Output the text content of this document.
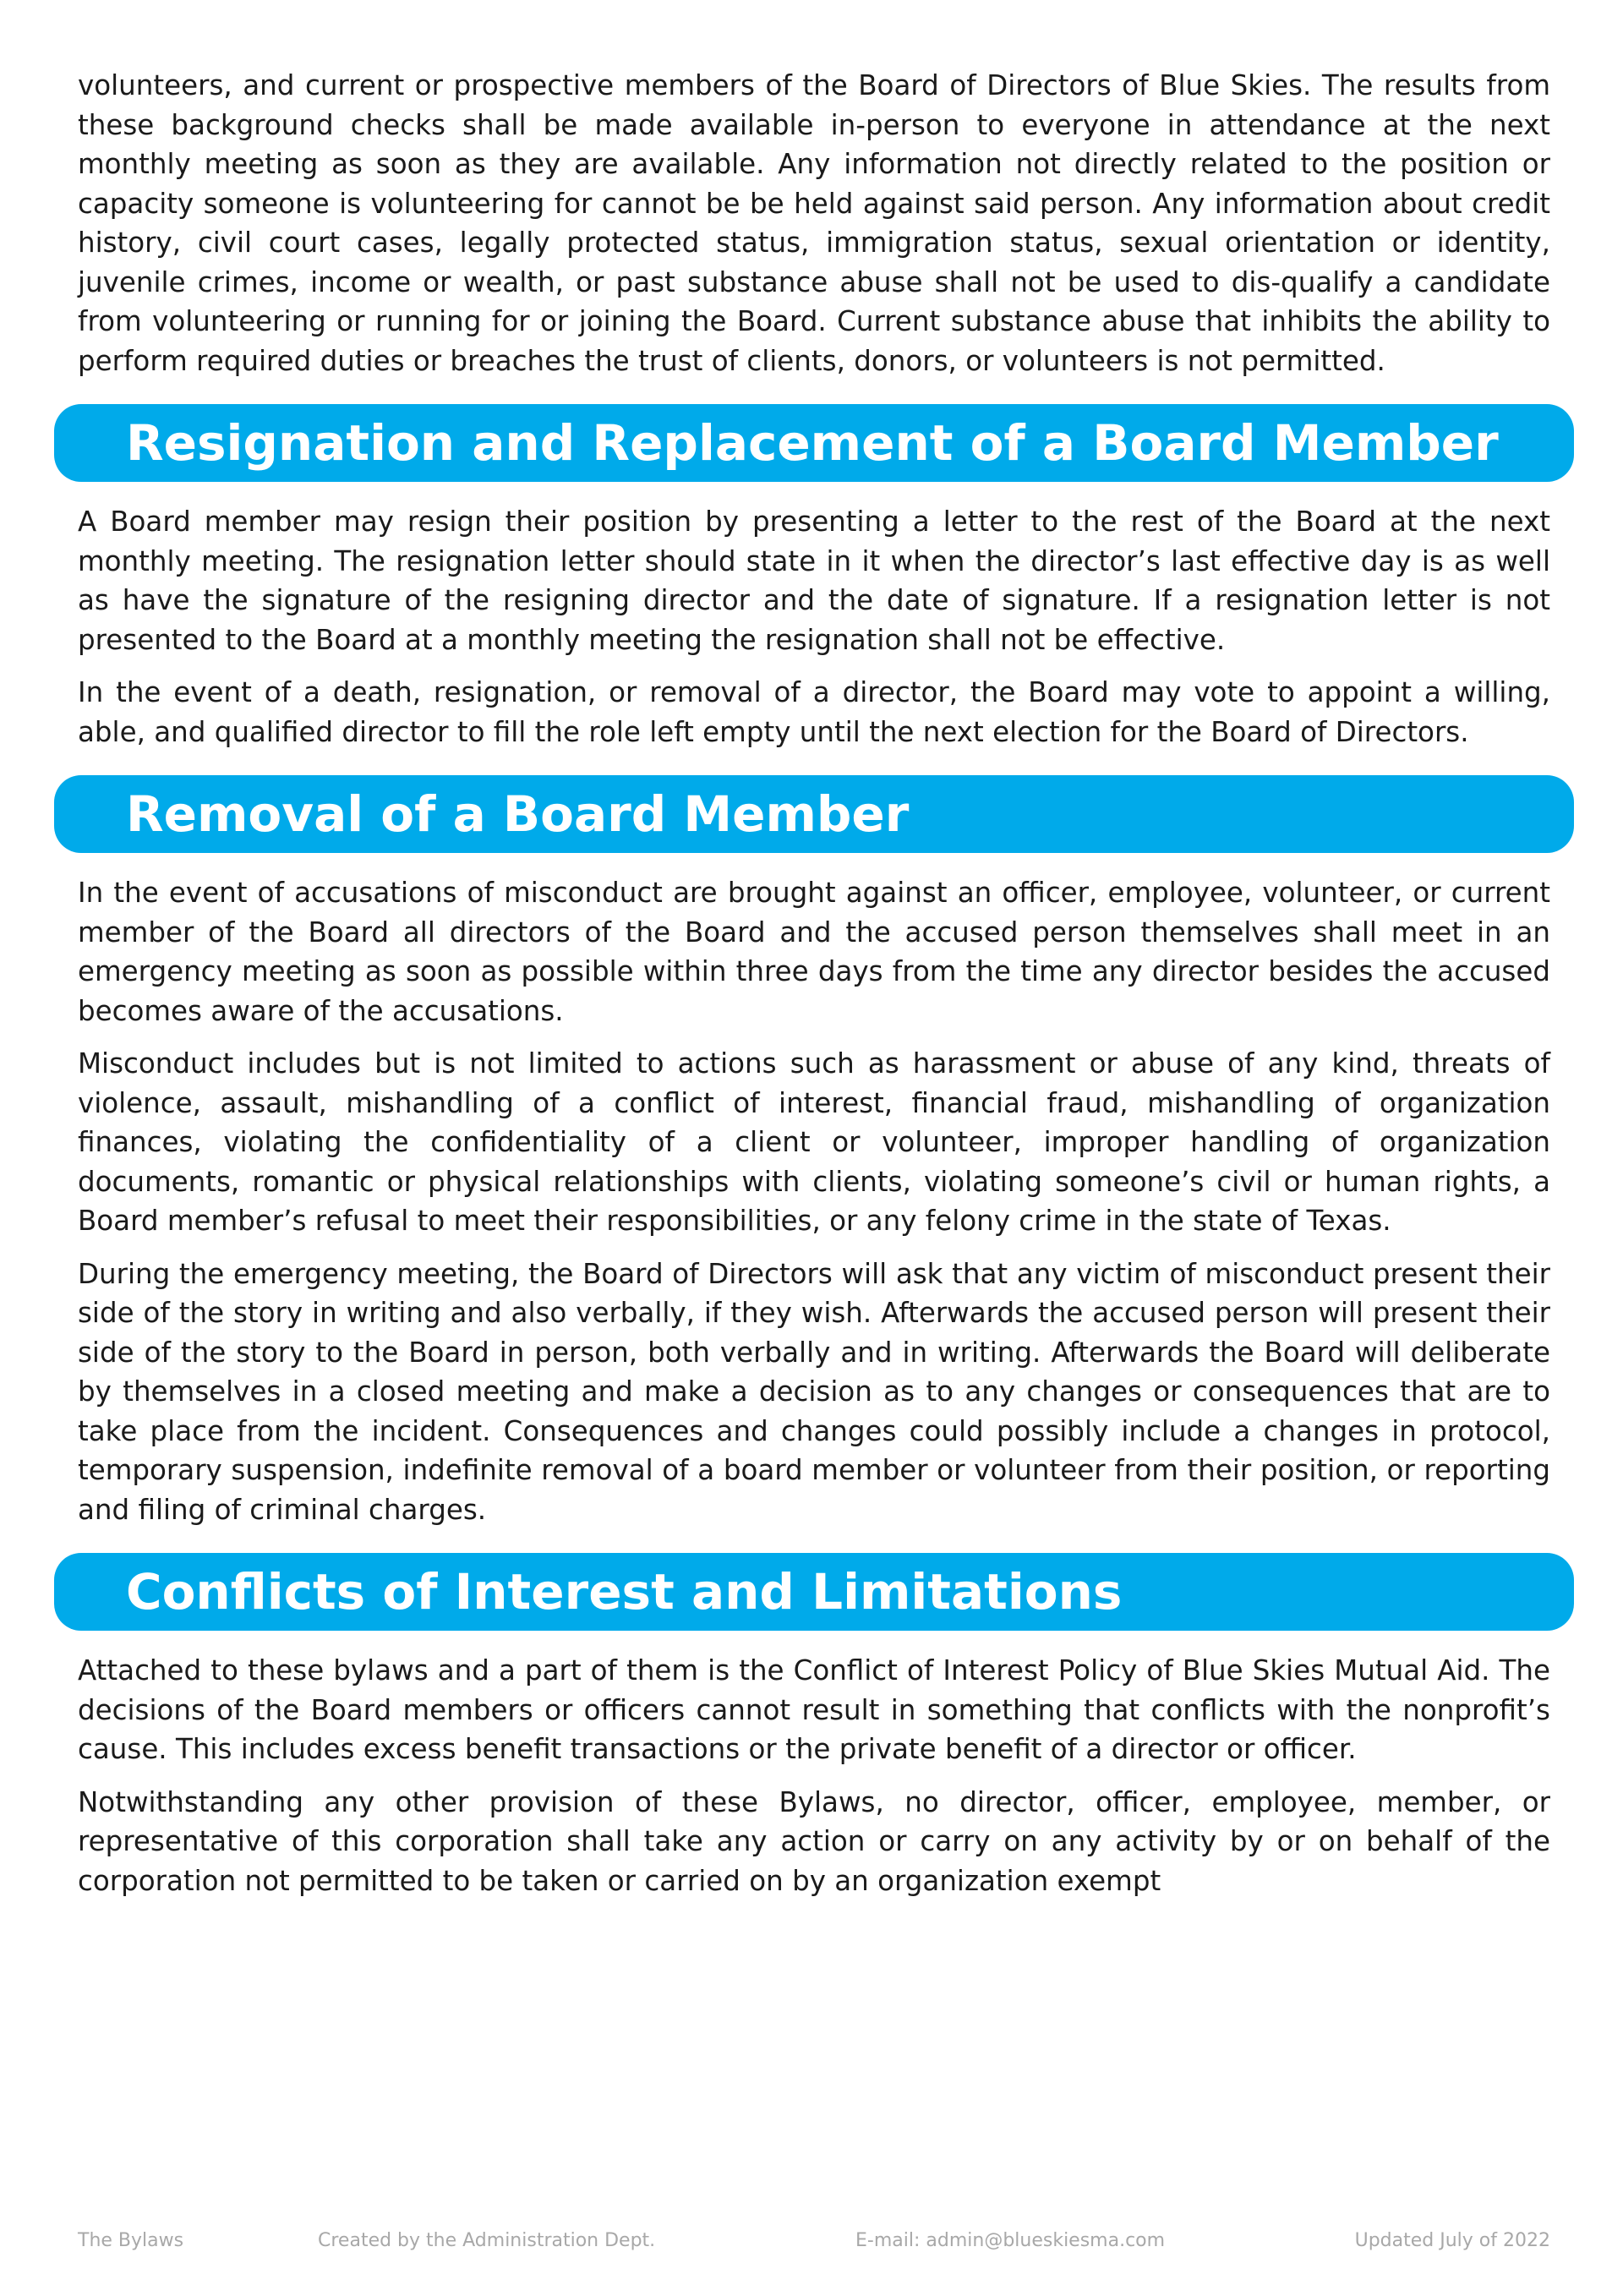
volunteers, and current or prospective members of the Board of Directors of Blue Skies. The results from these background checks shall be made available in-person to everyone in attendance at the next monthly meeting as soon as they are available. Any information not directly related to the position or capacity someone is volunteering for cannot be be held against said person. Any information about credit history, civil court cases, legally protected status, immigration status, sexual orientation or identity, juvenile crimes, income or wealth, or past substance abuse shall not be used to dis-qualify a candidate from volunteering or running for or joining the Board. Current substance abuse that inhibits the ability to perform required duties or breaches the trust of clients, donors, or volunteers is not permitted.

Resignation and Replacement of a Board Member

A Board member may resign their position by presenting a letter to the rest of the Board at the next monthly meeting. The resignation letter should state in it when the director’s last effective day is as well as have the signature of the resigning director and the date of signature. If a resignation letter is not presented to the Board at a monthly meeting the resignation shall not be effective.

In the event of a death, resignation, or removal of a director, the Board may vote to appoint a willing, able, and qualified director to fill the role left empty until the next election for the Board of Directors.

Removal of a Board Member

In the event of accusations of misconduct are brought against an officer, employee, volunteer, or current member of the Board all directors of the Board and the accused person themselves shall meet in an emergency meeting as soon as possible within three days from the time any director besides the accused becomes aware of the accusations.

Misconduct includes but is not limited to actions such as harassment or abuse of any kind, threats of violence, assault, mishandling of a conflict of interest, financial fraud, mishandling of organization finances, violating the confidentiality of a client or volunteer, improper handling of organization documents, romantic or physical relationships with clients, violating someone’s civil or human rights, a Board member’s refusal to meet their responsibilities, or any felony crime in the state of Texas.

During the emergency meeting, the Board of Directors will ask that any victim of misconduct present their side of the story in writing and also verbally, if they wish. Afterwards the accused person will present their side of the story to the Board in person, both verbally and in writing. Afterwards the Board will deliberate by themselves in a closed meeting and make a decision as to any changes or consequences that are to take place from the incident. Consequences and changes could possibly include a changes in protocol, temporary suspension, indefinite removal of a board member or volunteer from their position, or reporting and filing of criminal charges.

Conflicts of Interest and Limitations

Attached to these bylaws and a part of them is the Conflict of Interest Policy of Blue Skies Mutual Aid. The decisions of the Board members or officers cannot result in something that conflicts with the nonprofit’s cause. This includes excess benefit transactions or the private benefit of a director or officer.

Notwithstanding any other provision of these Bylaws, no director, officer, employee, member, or representative of this corporation shall take any action or carry on any activity by or on behalf of the corporation not permitted to be taken or carried on by an organization exempt

The Bylaws	Created by the Administration Dept.	E-mail: admin@blueskiesma.com	Updated July of 2022
